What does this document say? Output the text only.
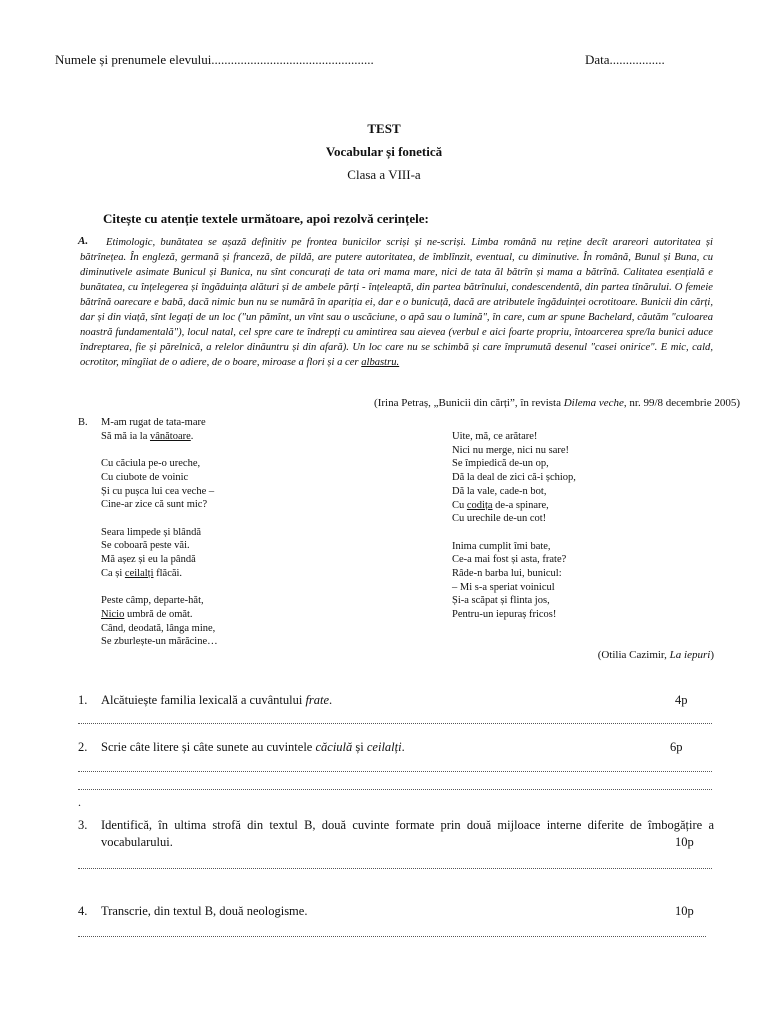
Numele și prenumele elevului..................................................	Data.................
TEST
Vocabular și fonetică
Clasa a VIII-a
Citește cu atenție textele următoare, apoi rezolvă cerințele:
A.	Etimologic, bunătatea se așază definitiv pe frontea bunicilor scriși și ne-scriși. Limba română nu reține decît arareori autoritatea și bătrînețea. În engleză, germană și franceză, de pildă, are putere autoritatea, de îmblînzit, eventual, cu diminutive. În română, Bunul și Buna, cu diminutivele asimate Bunicul și Bunica, nu sînt concurați de tata ori mama mare, nici de tata ăl bătrîn și mama a bătrînă. Calitatea esențială e bunătatea, cu înțelegerea și îngăduința alături și de ambele părți - înțeleaptă, din partea bătrînului, condescendentă, din partea tînărului. O femeie bătrînă oarecare e babă, dacă nimic bun nu se numără în apariția ei, dar e o bunicuță, dacă are atributele îngăduinței ocrotitoare. Bunicii din cărți, dar și din viață, sînt legați de un loc ("un pămînt, un vînt sau o uscăciune, o apă sau o lumină", în care, cum ar spune Bachelard, căutăm "culoarea noastră fundamentală"), locul natal, cel spre care te îndrepți cu amintirea sau aievea (verbul e aici foarte propriu, întoarcerea spre/la bunici aduce îndreptarea, fie și părelnică, a relelor dinăuntru și din afară). Un loc care nu se schimbă și care împrumută desenul "casei onirice". E mic, cald, ocrotitor, mîngîiat de o adiere, de o boare, miroase a flori și a cer albastru.
(Irina Petraș, „Bunicii din cărți”, în revista Dilema veche, nr. 99/8 decembrie 2005)
B. M-am rugat de tata-mare
Să mă ia la vânătoare.
Cu căciula pe-o ureche,
Cu ciubote de voinic
Și cu pușca lui cea veche –
Cine-ar zice că sunt mic?
Seara limpede și blândă
Se coboară peste văi.
Mă așez și eu la pândă
Ca și ceilalți flăcăi.
Peste câmp, departe-hăt,
Nicio umbră de omăt.
Când, deodată, lânga mine,
Se zburlește-un mărăcine…
Uite, mă, ce arătare!
Nici nu merge, nici nu sare!
Se împiedică de-un op,
Dă la deal de zici că-i șchiop,
Dă la vale, cade-n bot,
Cu codița de-a spinare,
Cu urechile de-un cot!
Inima cumplit îmi bate,
Ce-a mai fost și asta, frate?
Râde-n barba lui, bunicul:
– Mi s-a speriat voinicul
Și-a scăpat și flinta jos,
Pentru-un iepuraș fricos!
(Otilia Cazimir, La iepuri)
1. Alcătuiește familia lexicală a cuvântului frate.	4p
2. Scrie câte litere și câte sunete au cuvintele căciulă și ceilalți.	6p
.
3. Identifică, în ultima strofă din textul B, două cuvinte formate prin două mijloace interne diferite de îmbogățire a vocabularului.	10p
4. Transcrie, din textul B, două neologisme.	10p
